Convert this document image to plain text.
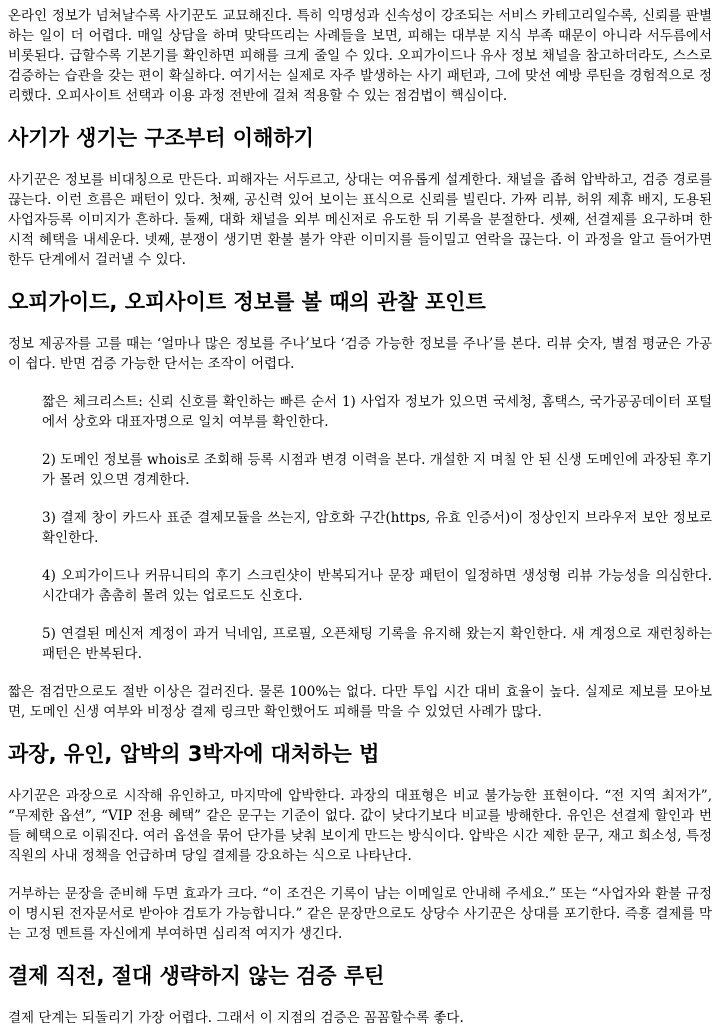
온라인 정보가 넘쳐날수록 사기꾼도 교묘해진다. 특히 익명성과 신속성이 강조되는 서비스 카테고리일수록, 신뢰를 판별하는 일이 더 어렵다. 매일 상담을 하며 맞닥뜨리는 사례들을 보면, 피해는 대부분 지식 부족 때문이 아니라 서두름에서 비롯된다. 급할수록 기본기를 확인하면 피해를 크게 줄일 수 있다. 오피가이드나 유사 정보 채널을 참고하더라도, 스스로 검증하는 습관을 갖는 편이 확실하다. 여기서는 실제로 자주 발생하는 사기 패턴과, 그에 맞선 예방 루틴을 경험적으로 정리했다. 오피사이트 선택과 이용 과정 전반에 걸쳐 적용할 수 있는 점검법이 핵심이다.

사기가 생기는 구조부터 이해하기

사기꾼은 정보를 비대칭으로 만든다. 피해자는 서두르고, 상대는 여유롭게 설계한다. 채널을 좁혀 압박하고, 검증 경로를 끊는다. 이런 흐름은 패턴이 있다. 첫째, 공신력 있어 보이는 표식으로 신뢰를 빌린다. 가짜 리뷰, 허위 제휴 배지, 도용된 사업자등록 이미지가 흔하다. 둘째, 대화 채널을 외부 메신저로 유도한 뒤 기록을 분절한다. 셋째, 선결제를 요구하며 한시적 혜택을 내세운다. 넷째, 분쟁이 생기면 환불 불가 약관 이미지를 들이밀고 연락을 끊는다. 이 과정을 알고 들어가면 한두 단계에서 걸러낼 수 있다.

오피가이드, 오피사이트 정보를 볼 때의 관찰 포인트

정보 제공자를 고를 때는 ‘얼마나 많은 정보를 주나’보다 ‘검증 가능한 정보를 주나’를 본다. 리뷰 숫자, 별점 평균은 가공이 쉽다. 반면 검증 가능한 단서는 조작이 어렵다.

짧은 체크리스트: 신뢰 신호를 확인하는 빠른 순서 1) 사업자 정보가 있으면 국세청, 홈택스, 국가공공데이터 포털에서 상호와 대표자명으로 일치 여부를 확인한다.

2) 도메인 정보를 whois로 조회해 등록 시점과 변경 이력을 본다. 개설한 지 며칠 안 된 신생 도메인에 과장된 후기가 몰려 있으면 경계한다.

3) 결제 창이 카드사 표준 결제모듈을 쓰는지, 암호화 구간(https, 유효 인증서)이 정상인지 브라우저 보안 정보로 확인한다.

4) 오피가이드나 커뮤니티의 후기 스크린샷이 반복되거나 문장 패턴이 일정하면 생성형 리뷰 가능성을 의심한다. 시간대가 촘촘히 몰려 있는 업로드도 신호다.

5) 연결된 메신저 계정이 과거 닉네임, 프로필, 오픈채팅 기록을 유지해 왔는지 확인한다. 새 계정으로 재런칭하는 패턴은 반복된다.

짧은 점검만으로도 절반 이상은 걸러진다. 물론 100%는 없다. 다만 투입 시간 대비 효율이 높다. 실제로 제보를 모아보면, 도메인 신생 여부와 비정상 결제 링크만 확인했어도 피해를 막을 수 있었던 사례가 많다.

과장, 유인, 압박의 3박자에 대처하는 법

사기꾼은 과장으로 시작해 유인하고, 마지막에 압박한다. 과장의 대표형은 비교 불가능한 표현이다. “전 지역 최저가”, “무제한 옵션”, “VIP 전용 혜택” 같은 문구는 기준이 없다. 값이 낮다기보다 비교를 방해한다. 유인은 선결제 할인과 번들 혜택으로 이뤄진다. 여러 옵션을 묶어 단가를 낮춰 보이게 만드는 방식이다. 압박은 시간 제한 문구, 재고 희소성, 특정 직원의 사내 정책을 언급하며 당일 결제를 강요하는 식으로 나타난다.

거부하는 문장을 준비해 두면 효과가 크다. “이 조건은 기록이 남는 이메일로 안내해 주세요.” 또는 “사업자와 환불 규정이 명시된 전자문서로 받아야 검토가 가능합니다.” 같은 문장만으로도 상당수 사기꾼은 상대를 포기한다. 즉흥 결제를 막는 고정 멘트를 자신에게 부여하면 심리적 여지가 생긴다.

결제 직전, 절대 생략하지 않는 검증 루틴

결제 단계는 되돌리기 가장 어렵다. 그래서 이 지점의 검증은 꼼꼼할수록 좋다.
